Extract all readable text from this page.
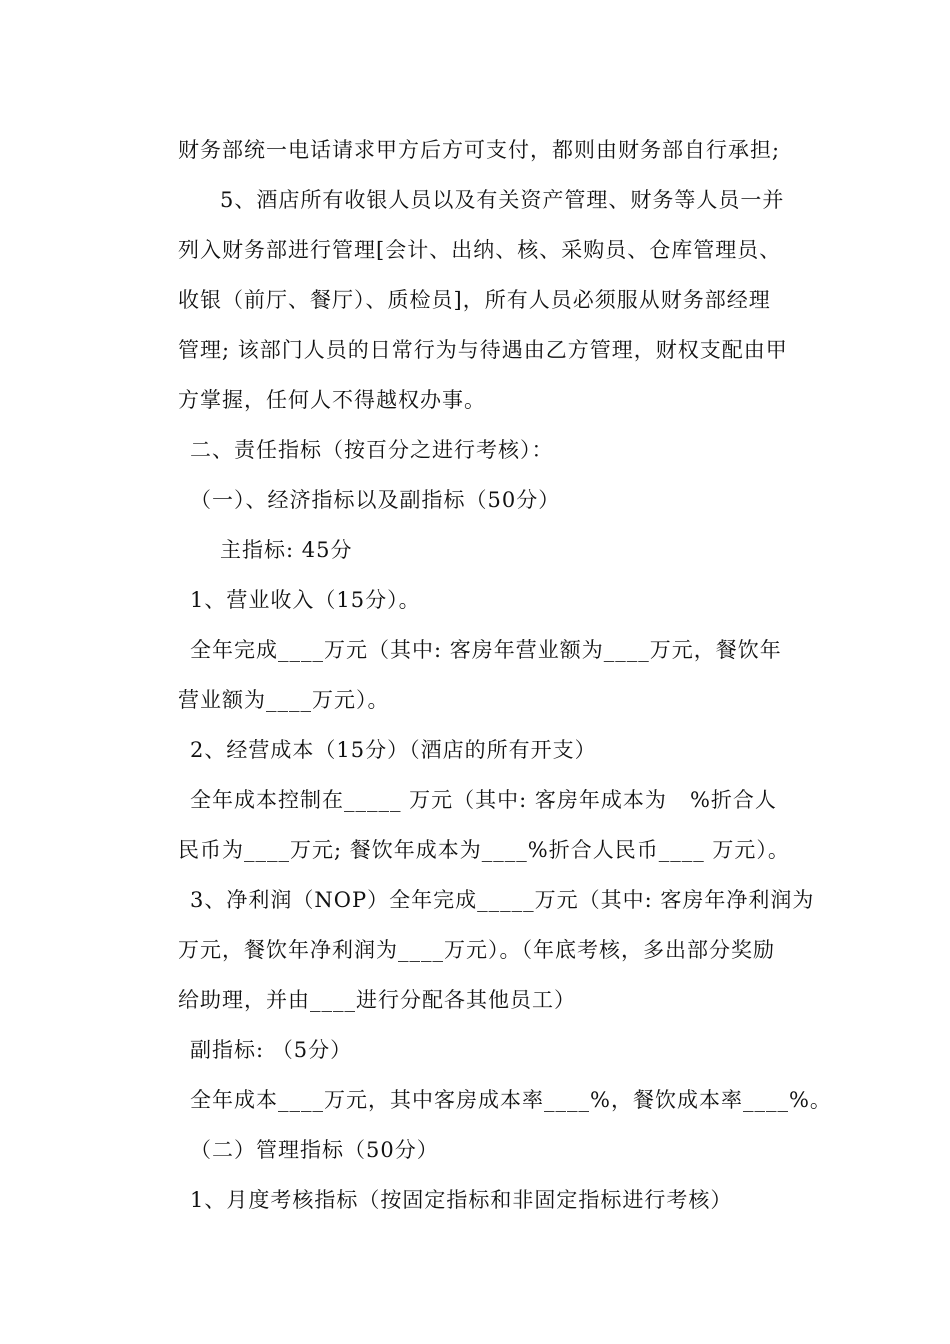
财务部统一电话请求甲方后方可支付，都则由财务部自行承担;
5、酒店所有收银人员以及有关资产管理、财务等人员一并
列入财务部进行管理[会计、出纳、核、采购员、仓库管理员、
收银（前厅、餐厅）、质检员]，所有人员必须服从财务部经理
管理; 该部门人员的日常行为与待遇由乙方管理，财权支配由甲
方掌握，任何人不得越权办事。
二、责任指标（按百分之进行考核）：
（一）、经济指标以及副指标（50分）
主指标: 45分
1、营业收入（15分）。
全年完成____万元（其中: 客房年营业额为____万元，餐饮年
营业额为____万元）。
2、经营成本（15分）（酒店的所有开支）
全年成本控制在_____ 万元（其中: 客房年成本为   %折合人
民币为____万元; 餐饮年成本为____%折合人民币____ 万元）。
3、净利润（NOP）全年完成_____万元（其中: 客房年净利润为
万元，餐饮年净利润为____万元）。（年底考核，多出部分奖励
给助理，并由____进行分配各其他员工）
副指标: （5分）
全年成本____万元，其中客房成本率____%，餐饮成本率____%。
（二）管理指标（50分）
1、月度考核指标（按固定指标和非固定指标进行考核）
